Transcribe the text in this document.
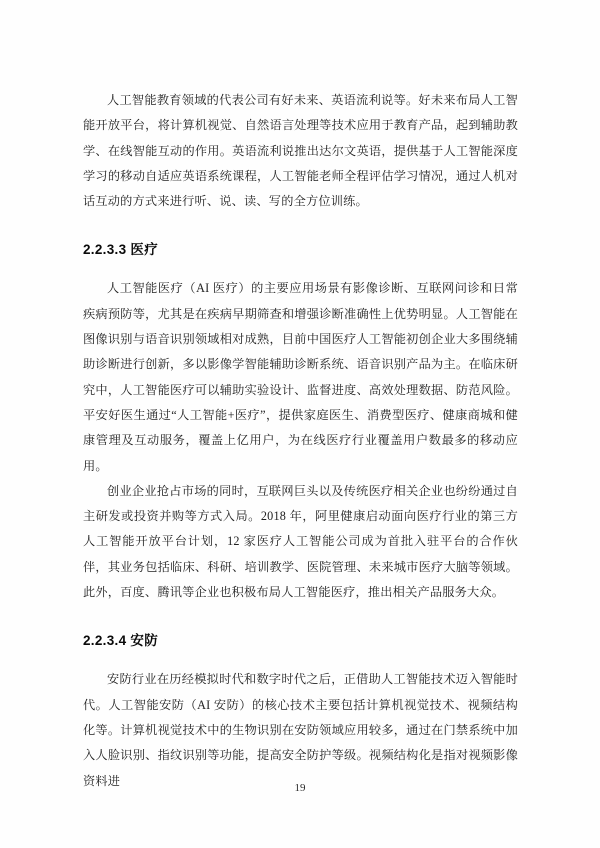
人工智能教育领域的代表公司有好未来、英语流利说等。好未来布局人工智能开放平台，将计算机视觉、自然语言处理等技术应用于教育产品，起到辅助教学、在线智能互动的作用。英语流利说推出达尔文英语，提供基于人工智能深度学习的移动自适应英语系统课程，人工智能老师全程评估学习情况，通过人机对话互动的方式来进行听、说、读、写的全方位训练。

2.2.3.3 医疗

人工智能医疗（AI 医疗）的主要应用场景有影像诊断、互联网问诊和日常疾病预防等，尤其是在疾病早期筛查和增强诊断准确性上优势明显。人工智能在图像识别与语音识别领域相对成熟，目前中国医疗人工智能初创企业大多围绕辅助诊断进行创新，多以影像学智能辅助诊断系统、语音识别产品为主。在临床研究中，人工智能医疗可以辅助实验设计、监督进度、高效处理数据、防范风险。平安好医生通过“人工智能+医疗”，提供家庭医生、消费型医疗、健康商城和健康管理及互动服务，覆盖上亿用户，为在线医疗行业覆盖用户数最多的移动应用。

创业企业抢占市场的同时，互联网巨头以及传统医疗相关企业也纷纷通过自主研发或投资并购等方式入局。2018 年，阿里健康启动面向医疗行业的第三方人工智能开放平台计划，12 家医疗人工智能公司成为首批入驻平台的合作伙伴，其业务包括临床、科研、培训教学、医院管理、未来城市医疗大脑等领域。此外，百度、腾讯等企业也积极布局人工智能医疗，推出相关产品服务大众。

2.2.3.4 安防

安防行业在历经模拟时代和数字时代之后，正借助人工智能技术迈入智能时代。人工智能安防（AI 安防）的核心技术主要包括计算机视觉技术、视频结构化等。计算机视觉技术中的生物识别在安防领域应用较多，通过在门禁系统中加入人脸识别、指纹识别等功能，提高安全防护等级。视频结构化是指对视频影像资料进

19
